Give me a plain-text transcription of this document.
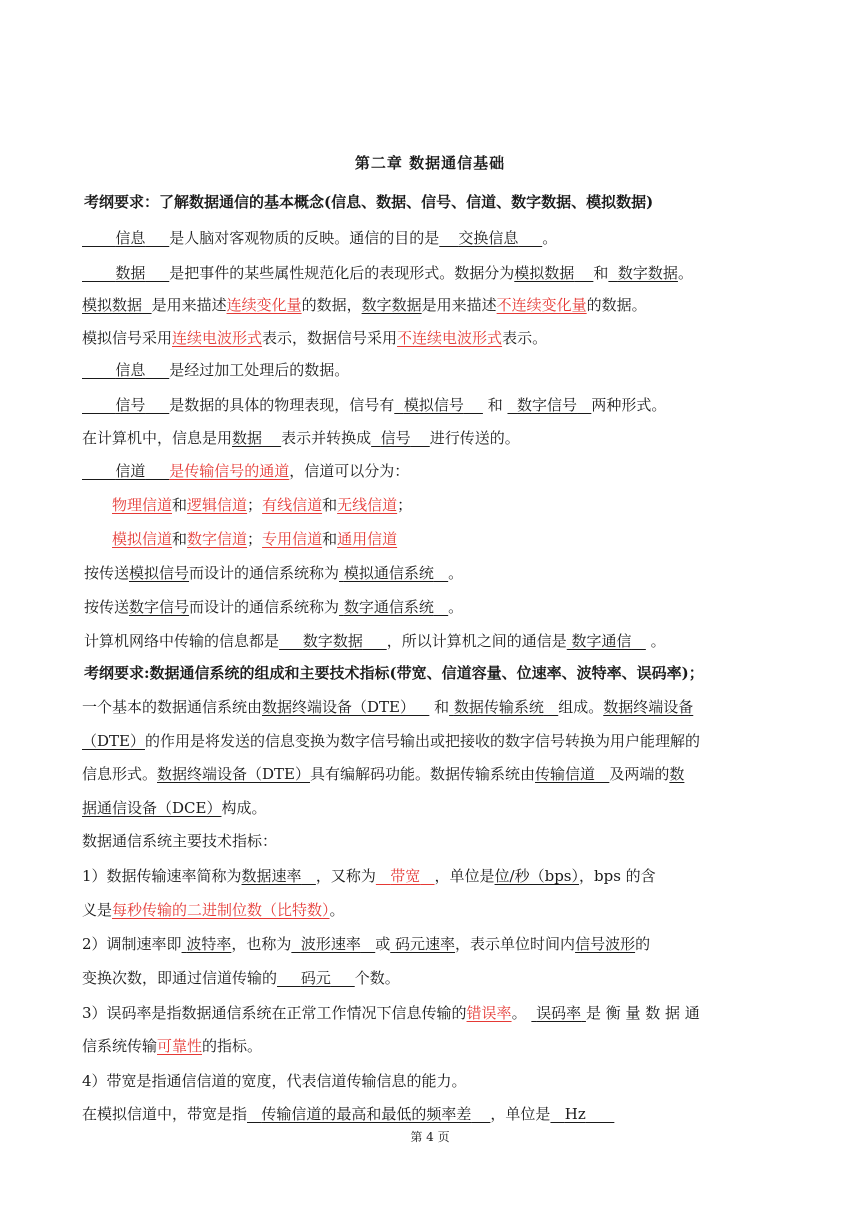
第二章 数据通信基础
考纲要求：了解数据通信的基本概念(信息、数据、信号、信道、数字数据、模拟数据)
信息 是人脑对客观物质的反映。通信的目的是 交换信息 。
数据 是把事件的某些属性规范化后的表现形式。数据分为模拟数据 和 数字数据。
模拟数据 是用来描述连续变化量的数据，数字数据是用来描述不连续变化量的数据。
模拟信号采用连续电波形式表示，数据信号采用不连续电波形式表示。
信息 是经过加工处理后的数据。
信号 是数据的具体的物理表现，信号有 模拟信号 和 数字信号 两种形式。
在计算机中，信息是用数据 表示并转换成 信号 进行传送的。
信道 是传输信号的通道，信道可以分为：
物理信道和逻辑信道；有线信道和无线信道；
模拟信道和数字信道；专用信道和通用信道
按传送模拟信号而设计的通信系统称为 模拟通信系统 。
按传送数字信号而设计的通信系统称为 数字通信系统 。
计算机网络中传输的信息都是 数字数据 ，所以计算机之间的通信是 数字通信 。
考纲要求:数据通信系统的组成和主要技术指标(带宽、信道容量、位速率、波特率、误码率)；
一个基本的数据通信系统由数据终端设备（DTE） 和 数据传输系统 组成。数据终端设备
（DTE）的作用是将发送的信息变换为数字信号输出或把接收的数字信号转换为用户能理解的
信息形式。数据终端设备（DTE）具有编解码功能。数据传输系统由传输信道 及两端的数
据通信设备（DCE）构成。
数据通信系统主要技术指标：
1）数据传输速率简称为数据速率 ，又称为 带宽 ，单位是位/秒（bps），bps 的含
义是每秒传输的二进制位数（比特数）。
2）调制速率即 波特率，也称为 波形速率 或 码元速率，表示单位时间内信号波形的
变换次数，即通过信道传输的 码元 个数。
3）误码率是指数据通信系统在正常工作情况下信息传输的错误率。 误码率 是 衡 量 数 据 通
信系统传输可靠性的指标。
4）带宽是指通信信道的宽度，代表信道传输信息的能力。
在模拟信道中，带宽是指 传输信道的最高和最低的频率差 ，单位是 Hz
第 4 页
